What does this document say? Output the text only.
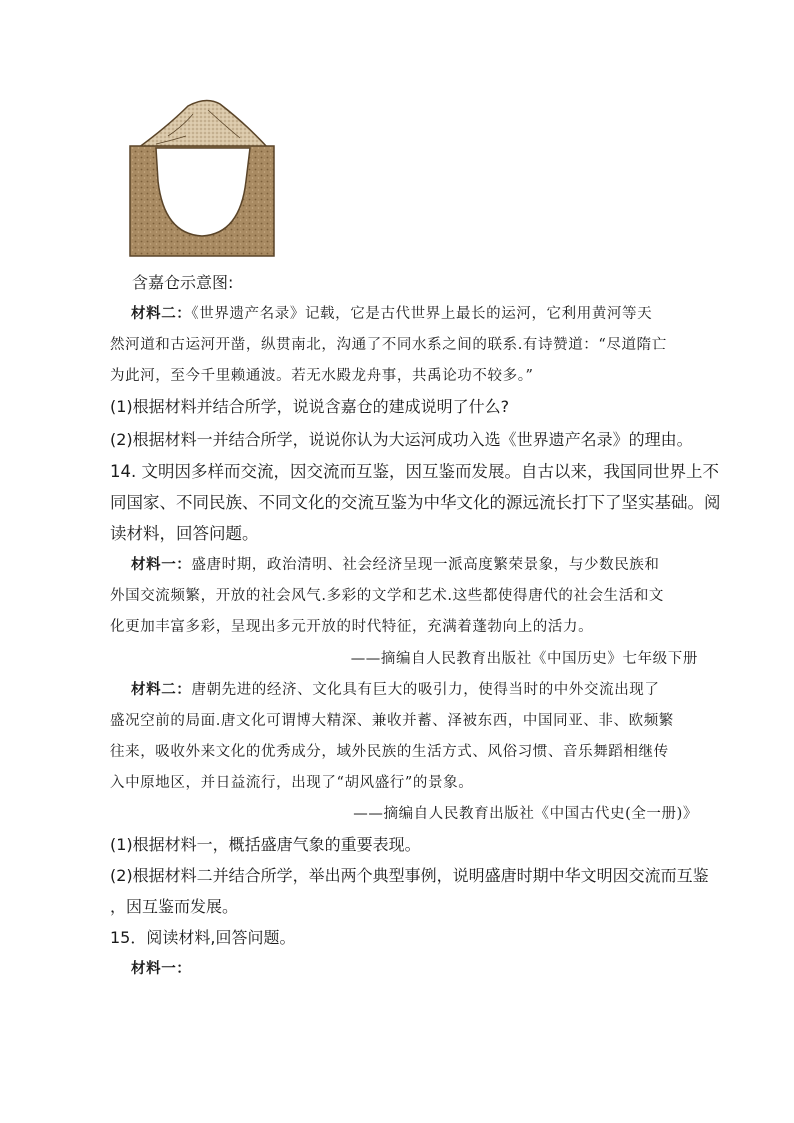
含嘉仓示意图:
材料二：《世界遗产名录》记载，它是古代世界上最长的运河，它利用黄河等天
然河道和古运河开凿，纵贯南北，沟通了不同水系之间的联系.有诗赞道：“尽道隋亡
为此河，至今千里赖通波。若无水殿龙舟事，共禹论功不较多。”
(1)根据材料并结合所学，说说含嘉仓的建成说明了什么?
(2)根据材料一并结合所学，说说你认为大运河成功入选《世界遗产名录》的理由。
14. 文明因多样而交流，因交流而互鉴，因互鉴而发展。自古以来，我国同世界上不
同国家、不同民族、不同文化的交流互鉴为中华文化的源远流长打下了坚实基础。阅
读材料，回答问题。
材料一：盛唐时期，政治清明、社会经济呈现一派高度繁荣景象，与少数民族和
外国交流频繁，开放的社会风气.多彩的文学和艺术.这些都使得唐代的社会生活和文
化更加丰富多彩，呈现出多元开放的时代特征，充满着蓬勃向上的活力。
——摘编自人民教育出版社《中国历史》七年级下册
材料二：唐朝先进的经济、文化具有巨大的吸引力，使得当时的中外交流出现了
盛况空前的局面.唐文化可谓博大精深、兼收并蓄、泽被东西，中国同亚、非、欧频繁
往来，吸收外来文化的优秀成分，域外民族的生活方式、风俗习惯、音乐舞蹈相继传
入中原地区，并日益流行，出现了“胡风盛行”的景象。
——摘编自人民教育出版社《中国古代史(全一册)》
(1)根据材料一，概括盛唐气象的重要表现。
(2)根据材料二并结合所学，举出两个典型事例，说明盛唐时期中华文明因交流而互鉴
，因互鉴而发展。
15．阅读材料,回答问题。
材料一：
